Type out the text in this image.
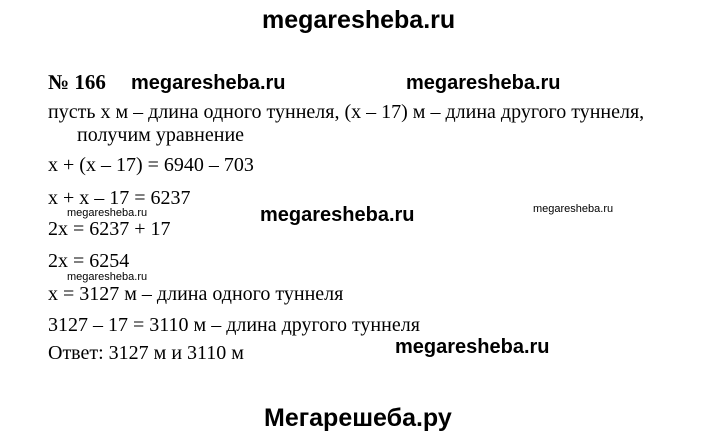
megaresheba.ru
№ 166 megaresheba.ru	megaresheba.ru
пусть x м – длина одного туннеля, (x – 17) м – длина другого туннеля,
получим уравнение
x + (x – 17) = 6940 – 703
x + x – 17 = 6237
megaresheba.ru	megaresheba.ru	megaresheba.ru
2x = 6237 + 17
2x = 6254
megaresheba.ru
x = 3127 м – длина одного туннеля
3127 – 17 = 3110 м – длина другого туннеля
megaresheba.ru
Ответ: 3127 м и 3110 м
Мегарешеба.ру
